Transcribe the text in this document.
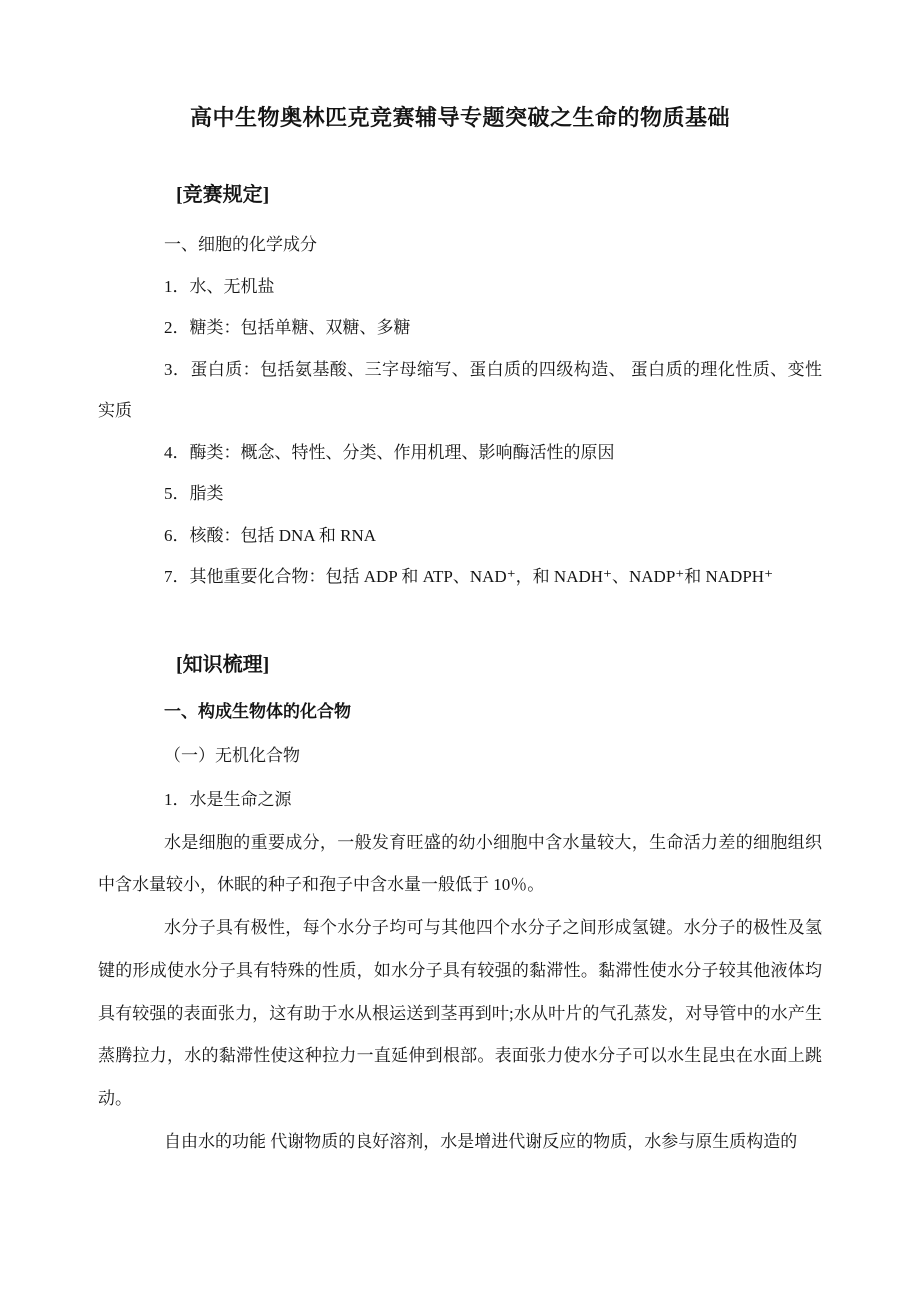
高中生物奥林匹克竞赛辅导专题突破之生命的物质基础
[竞赛规定]

一、细胞的化学成分

1．水、无机盐

2．糖类：包括单糖、双糖、多糖

3．蛋白质：包括氨基酸、三字母缩写、蛋白质的四级构造、 蛋白质的理化性质、变性实质

4．酶类：概念、特性、分类、作用机理、影响酶活性的原因

5．脂类

6．核酸：包括 DNA 和 RNA

7．其他重要化合物：包括 ADP 和 ATP、NAD⁺，和 NADH⁺、NADP⁺和 NADPH⁺

[知识梳理]

一、构成生物体的化合物

（一）无机化合物

1．水是生命之源

水是细胞的重要成分，一般发育旺盛的幼小细胞中含水量较大，生命活力差的细胞组织中含水量较小，休眠的种子和孢子中含水量一般低于 10％。

水分子具有极性，每个水分子均可与其他四个水分子之间形成氢键。水分子的极性及氢键的形成使水分子具有特殊的性质，如水分子具有较强的黏滞性。黏滞性使水分子较其他液体均具有较强的表面张力，这有助于水从根运送到茎再到叶;水从叶片的气孔蒸发，对导管中的水产生蒸腾拉力，水的黏滞性使这种拉力一直延伸到根部。表面张力使水分子可以水生昆虫在水面上跳动。

自由水的功能 代谢物质的良好溶剂，水是增进代谢反应的物质，水参与原生质构造的
